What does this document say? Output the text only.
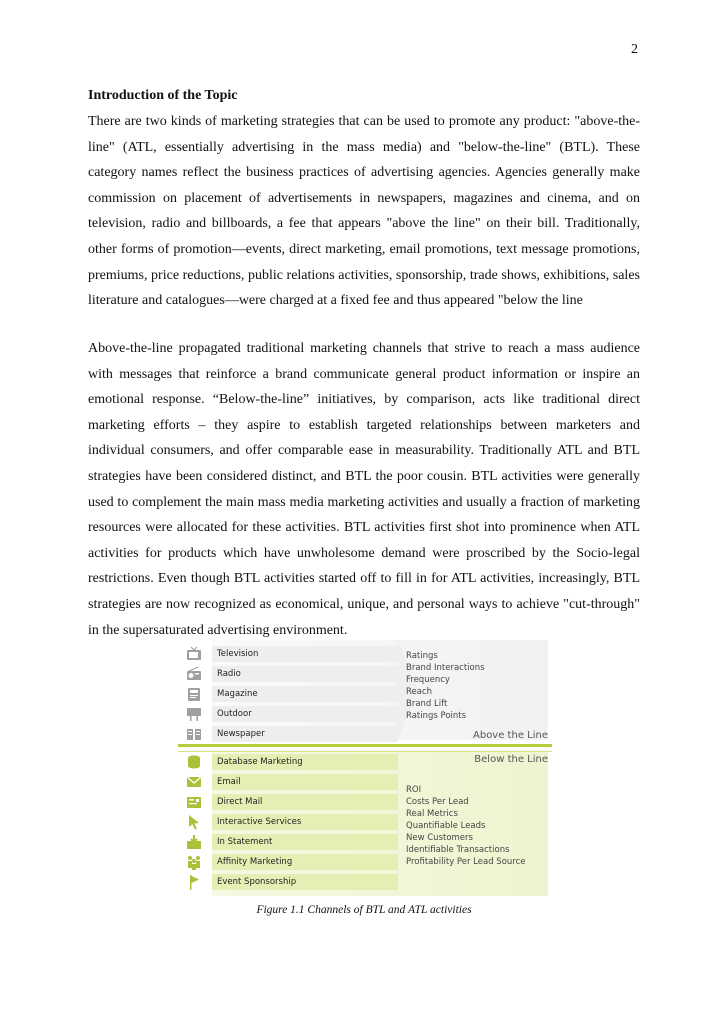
2
Introduction of the Topic

There are two kinds of marketing strategies that can be used to promote any product: "above-the-line" (ATL, essentially advertising in the mass media) and "below-the-line" (BTL). These category names reflect the business practices of advertising agencies. Agencies generally make commission on placement of advertisements in newspapers, magazines and cinema, and on television, radio and billboards, a fee that appears "above the line" on their bill. Traditionally, other forms of promotion—events, direct marketing, email promotions, text message promotions, premiums, price reductions, public relations activities, sponsorship, trade shows, exhibitions, sales literature and catalogues—were charged at a fixed fee and thus appeared "below the line

Above-the-line propagated traditional marketing channels that strive to reach a mass audience with messages that reinforce a brand communicate general product information or inspire an emotional response. “Below-the-line” initiatives, by comparison, acts like traditional direct marketing efforts – they aspire to establish targeted relationships between marketers and individual consumers, and offer comparable ease in measurability. Traditionally ATL and BTL strategies have been considered distinct, and BTL the poor cousin. BTL activities were generally used to complement the main mass media marketing activities and usually a fraction of marketing resources were allocated for these activities. BTL activities first shot into prominence when ATL activities for products which have unwholesome demand were proscribed by the Socio-legal restrictions. Even though BTL activities started off to fill in for ATL activities, increasingly, BTL strategies are now recognized as economical, unique, and personal ways to achieve "cut-through" in the supersaturated advertising environment.

Television
Radio
Magazine
Outdoor
Newspaper
Ratings
Brand Interactions
Frequency
Reach
Brand Lift
Ratings Points
Above the Line
Below the Line
Database Marketing
Email
Direct Mail
Interactive Services
In Statement
Affinity Marketing
Event Sponsorship
ROI
Costs Per Lead
Real Metrics
Quantifiable Leads
New Customers
Identifiable Transactions
Profitability Per Lead Source
Figure 1.1 Channels of BTL and ATL activities
